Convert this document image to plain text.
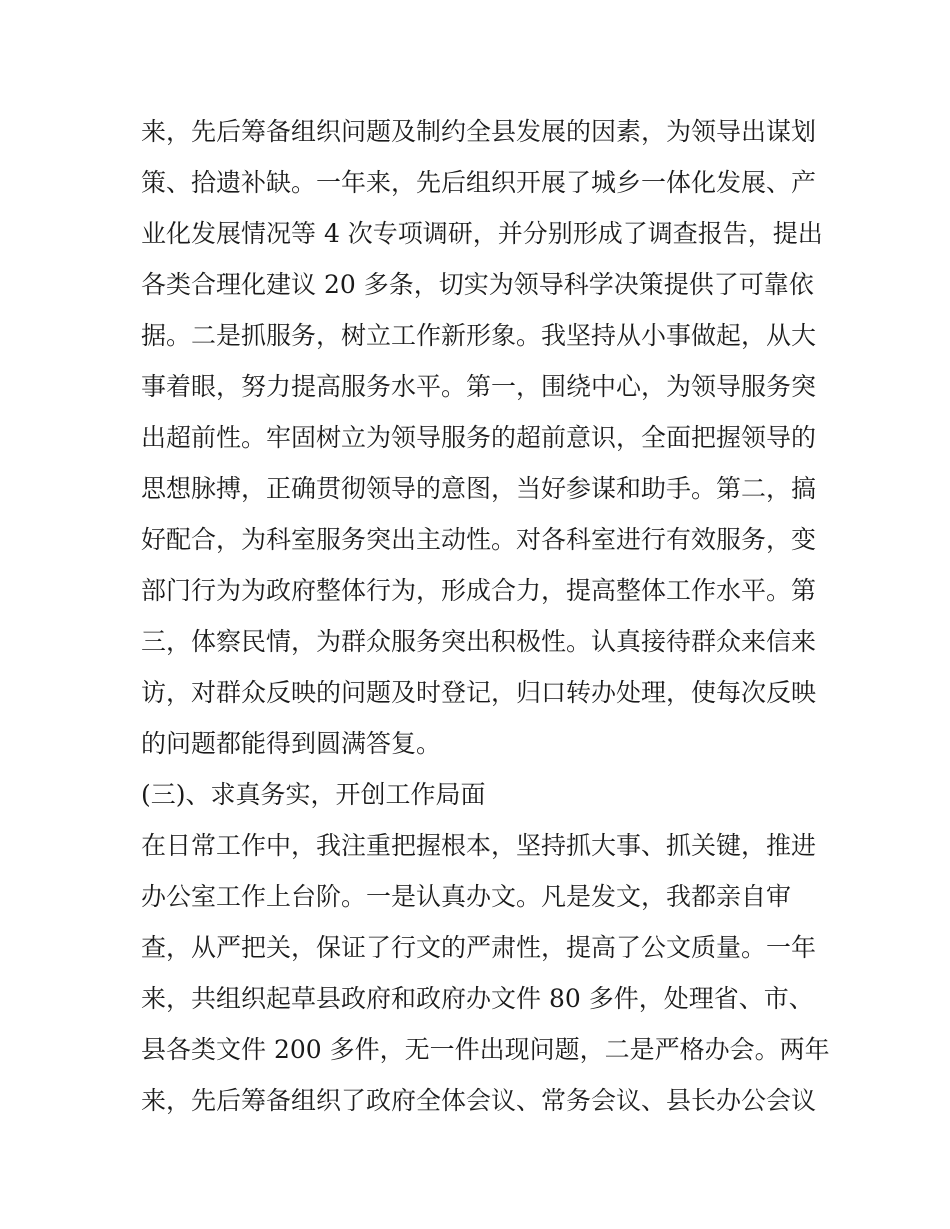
来，先后筹备组织问题及制约全县发展的因素，为领导出谋划
策、拾遗补缺。一年来，先后组织开展了城乡一体化发展、产
业化发展情况等 4 次专项调研，并分别形成了调查报告，提出
各类合理化建议 20 多条，切实为领导科学决策提供了可靠依
据。二是抓服务，树立工作新形象。我坚持从小事做起，从大
事着眼，努力提高服务水平。第一，围绕中心，为领导服务突
出超前性。牢固树立为领导服务的超前意识，全面把握领导的
思想脉搏，正确贯彻领导的意图，当好参谋和助手。第二，搞
好配合，为科室服务突出主动性。对各科室进行有效服务，变
部门行为为政府整体行为，形成合力，提高整体工作水平。第
三，体察民情，为群众服务突出积极性。认真接待群众来信来
访，对群众反映的问题及时登记，归口转办处理，使每次反映
的问题都能得到圆满答复。
(三)、求真务实，开创工作局面
在日常工作中，我注重把握根本，坚持抓大事、抓关键，推进
办公室工作上台阶。一是认真办文。凡是发文，我都亲自审
查，从严把关，保证了行文的严肃性，提高了公文质量。一年
来，共组织起草县政府和政府办文件 80 多件，处理省、市、
县各类文件 200 多件，无一件出现问题，二是严格办会。两年
来，先后筹备组织了政府全体会议、常务会议、县长办公会议
